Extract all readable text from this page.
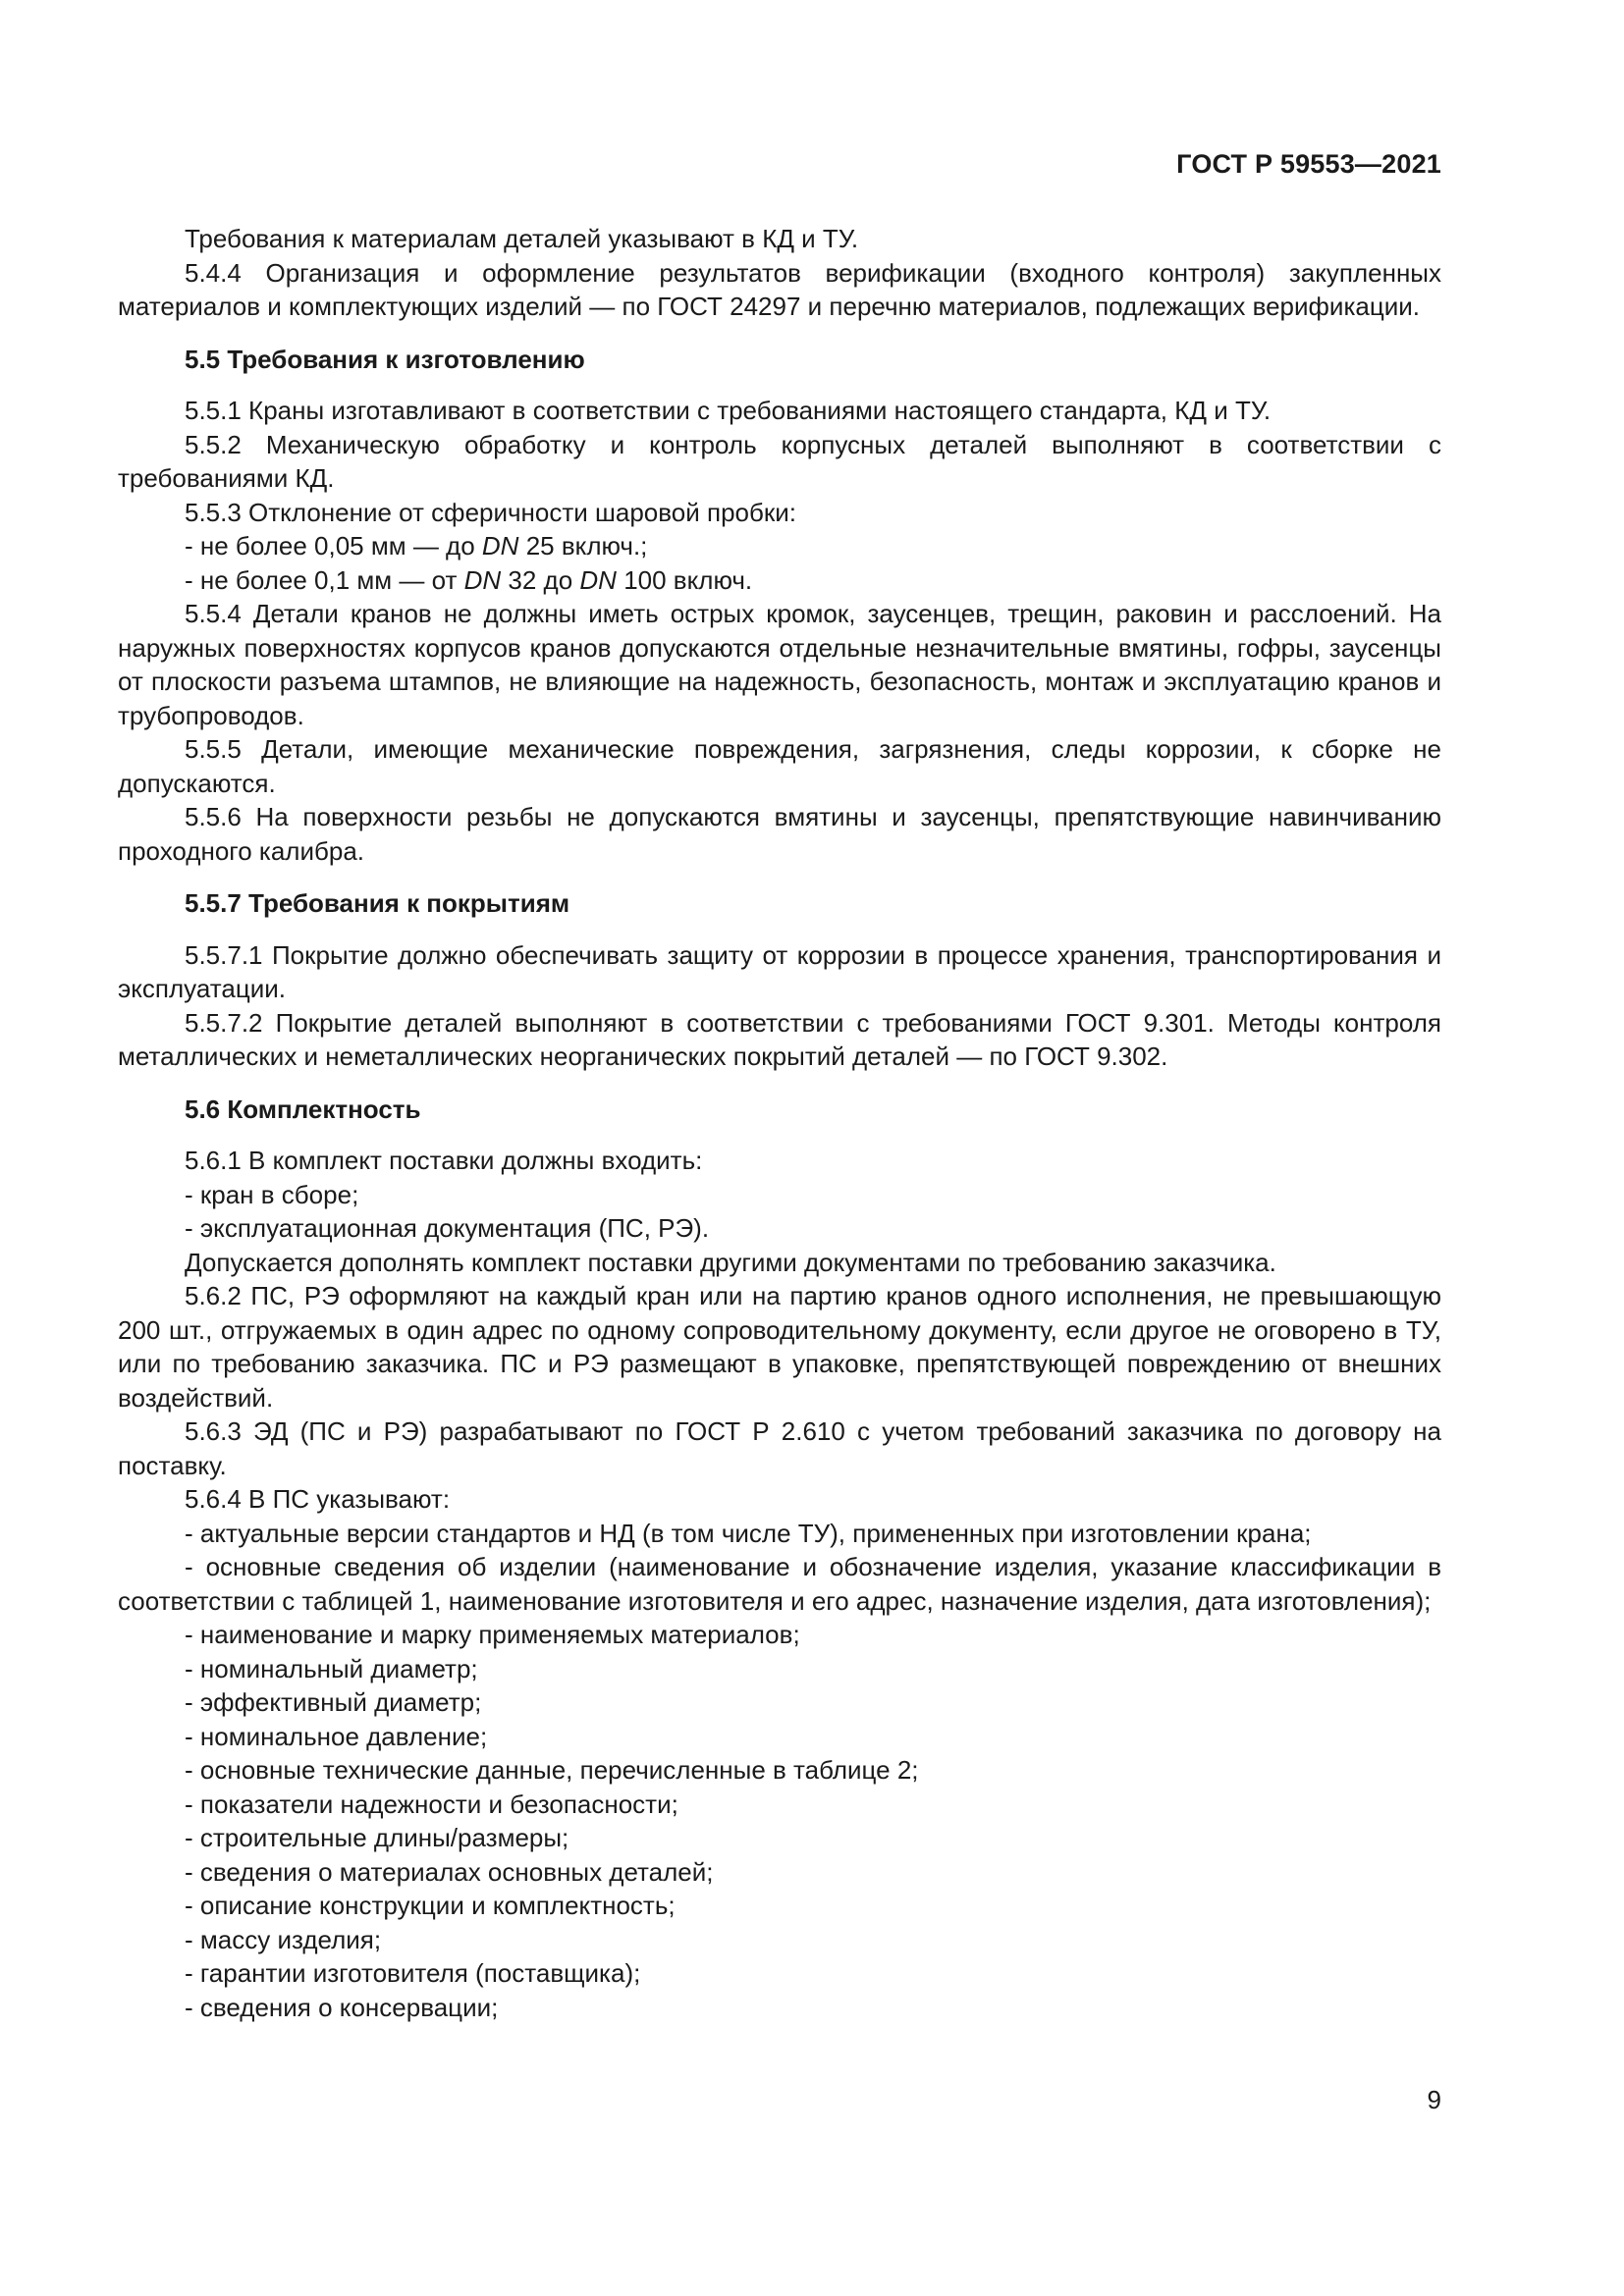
ГОСТ Р 59553—2021

Требования к материалам деталей указывают в КД и ТУ.

5.4.4 Организация и оформление результатов верификации (входного контроля) закупленных материалов и комплектующих изделий — по ГОСТ 24297 и перечню материалов, подлежащих верификации.

5.5 Требования к изготовлению

5.5.1 Краны изготавливают в соответствии с требованиями настоящего стандарта, КД и ТУ.

5.5.2 Механическую обработку и контроль корпусных деталей выполняют в соответствии с требованиями КД.

5.5.3 Отклонение от сферичности шаровой пробки:

- не более 0,05 мм — до DN 25 включ.;
- не более 0,1 мм — от DN 32 до DN 100 включ.

5.5.4 Детали кранов не должны иметь острых кромок, заусенцев, трещин, раковин и расслоений. На наружных поверхностях корпусов кранов допускаются отдельные незначительные вмятины, гофры, заусенцы от плоскости разъема штампов, не влияющие на надежность, безопасность, монтаж и эксплуатацию кранов и трубопроводов.

5.5.5 Детали, имеющие механические повреждения, загрязнения, следы коррозии, к сборке не допускаются.

5.5.6 На поверхности резьбы не допускаются вмятины и заусенцы, препятствующие навинчиванию проходного калибра.

5.5.7 Требования к покрытиям

5.5.7.1 Покрытие должно обеспечивать защиту от коррозии в процессе хранения, транспортирования и эксплуатации.

5.5.7.2 Покрытие деталей выполняют в соответствии с требованиями ГОСТ 9.301. Методы контроля металлических и неметаллических неорганических покрытий деталей — по ГОСТ 9.302.

5.6 Комплектность

5.6.1 В комплект поставки должны входить:

- кран в сборе;
- эксплуатационная документация (ПС, РЭ).

Допускается дополнять комплект поставки другими документами по требованию заказчика.

5.6.2 ПС, РЭ оформляют на каждый кран или на партию кранов одного исполнения, не превышающую 200 шт., отгружаемых в один адрес по одному сопроводительному документу, если другое не оговорено в ТУ, или по требованию заказчика. ПС и РЭ размещают в упаковке, препятствующей повреждению от внешних воздействий.

5.6.3 ЭД (ПС и РЭ) разрабатывают по ГОСТ Р 2.610 с учетом требований заказчика по договору на поставку.

5.6.4 В ПС указывают:

- актуальные версии стандартов и НД (в том числе ТУ), примененных при изготовлении крана;

- основные сведения об изделии (наименование и обозначение изделия, указание классификации в соответствии с таблицей 1, наименование изготовителя и его адрес, назначение изделия, дата изготовления);

- наименование и марку применяемых материалов;
- номинальный диаметр;
- эффективный диаметр;
- номинальное давление;
- основные технические данные, перечисленные в таблице 2;
- показатели надежности и безопасности;
- строительные длины/размеры;
- сведения о материалах основных деталей;
- описание конструкции и комплектность;
- массу изделия;
- гарантии изготовителя (поставщика);
- сведения о консервации;
9
